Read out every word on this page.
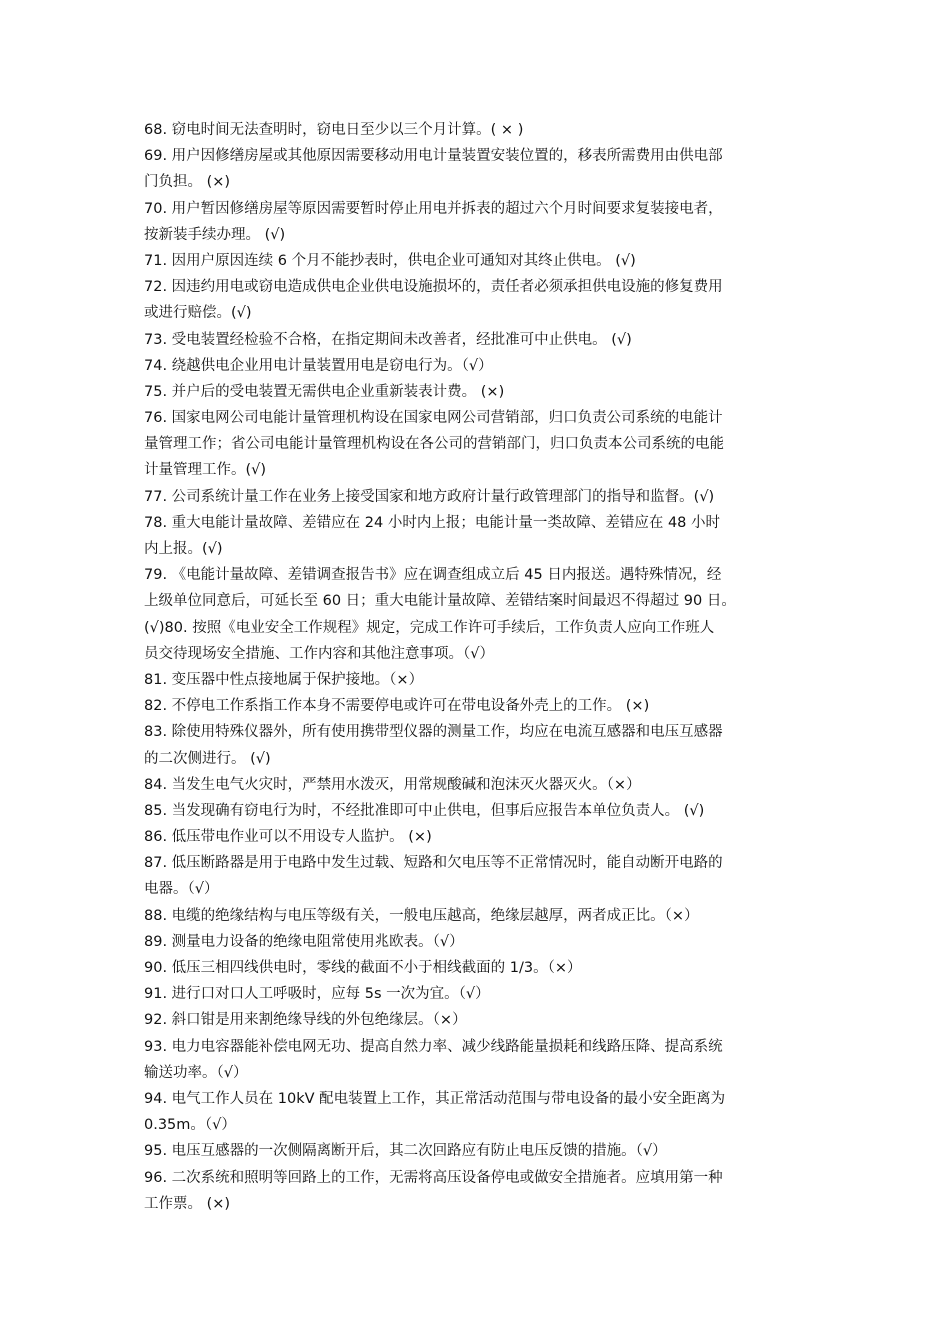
68. 窃电时间无法查明时，窃电日至少以三个月计算。( × )
69. 用户因修缮房屋或其他原因需要移动用电计量装置安装位置的，移表所需费用由供电部
门负担。 (×)
70. 用户暂因修缮房屋等原因需要暂时停止用电并拆表的超过六个月时间要求复装接电者，
按新装手续办理。 (√)
71. 因用户原因连续 6 个月不能抄表时，供电企业可通知对其终止供电。 (√)
72. 因违约用电或窃电造成供电企业供电设施损坏的，责任者必须承担供电设施的修复费用
或进行赔偿。(√)
73. 受电装置经检验不合格，在指定期间未改善者，经批准可中止供电。 (√)
74. 绕越供电企业用电计量装置用电是窃电行为。（√）
75. 并户后的受电装置无需供电企业重新装表计费。 (×)
76. 国家电网公司电能计量管理机构设在国家电网公司营销部，归口负责公司系统的电能计
量管理工作；省公司电能计量管理机构设在各公司的营销部门，归口负责本公司系统的电能
计量管理工作。(√)
77. 公司系统计量工作在业务上接受国家和地方政府计量行政管理部门的指导和监督。(√)
78. 重大电能计量故障、差错应在 24 小时内上报；电能计量一类故障、差错应在 48 小时
内上报。(√)
79. 《电能计量故障、差错调查报告书》应在调查组成立后 45 日内报送。遇特殊情况，经
上级单位同意后，可延长至 60 日；重大电能计量故障、差错结案时间最迟不得超过 90 日。
(√)80. 按照《电业安全工作规程》规定，完成工作许可手续后，工作负责人应向工作班人
员交待现场安全措施、工作内容和其他注意事项。（√）
81. 变压器中性点接地属于保护接地。（×）
82. 不停电工作系指工作本身不需要停电或许可在带电设备外壳上的工作。 (×)
83. 除使用特殊仪器外，所有使用携带型仪器的测量工作，均应在电流互感器和电压互感器
的二次侧进行。 (√)
84. 当发生电气火灾时，严禁用水泼灭，用常规酸碱和泡沫灭火器灭火。（×）
85. 当发现确有窃电行为时，不经批准即可中止供电，但事后应报告本单位负责人。 (√)
86. 低压带电作业可以不用设专人监护。 (×)
87. 低压断路器是用于电路中发生过载、短路和欠电压等不正常情况时，能自动断开电路的
电器。（√）
88. 电缆的绝缘结构与电压等级有关，一般电压越高，绝缘层越厚，两者成正比。（×）
89. 测量电力设备的绝缘电阻常使用兆欧表。（√）
90. 低压三相四线供电时，零线的截面不小于相线截面的 1/3。（×）
91. 进行口对口人工呼吸时，应每 5s 一次为宜。（√）
92. 斜口钳是用来割绝缘导线的外包绝缘层。（×）
93. 电力电容器能补偿电网无功、提高自然力率、减少线路能量损耗和线路压降、提高系统
输送功率。（√）
94. 电气工作人员在 10kV 配电装置上工作，其正常活动范围与带电设备的最小安全距离为
0.35m。（√）
95. 电压互感器的一次侧隔离断开后，其二次回路应有防止电压反馈的措施。（√）
96. 二次系统和照明等回路上的工作，无需将高压设备停电或做安全措施者。应填用第一种
工作票。 (×)
